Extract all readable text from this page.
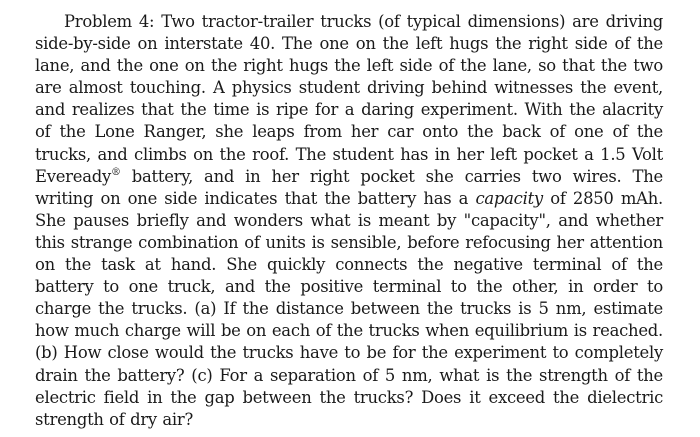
Problem 4: Two tractor-trailer trucks (of typical dimensions) are driving side-by-side on interstate 40. The one on the left hugs the right side of the lane, and the one on the right hugs the left side of the lane, so that the two are almost touching. A physics student driving behind witnesses the event, and realizes that the time is ripe for a daring experiment. With the alacrity of the Lone Ranger, she leaps from her car onto the back of one of the trucks, and climbs on the roof. The student has in her left pocket a 1.5 Volt Eveready® battery, and in her right pocket she carries two wires. The writing on one side indicates that the battery has a capacity of 2850 mAh. She pauses briefly and wonders what is meant by "capacity", and whether this strange combination of units is sensible, before refocusing her attention on the task at hand. She quickly connects the negative terminal of the battery to one truck, and the positive terminal to the other, in order to charge the trucks. (a) If the distance between the trucks is 5 nm, estimate how much charge will be on each of the trucks when equilibrium is reached. (b) How close would the trucks have to be for the experiment to completely drain the battery? (c) For a separation of 5 nm, what is the strength of the electric field in the gap between the trucks? Does it exceed the dielectric strength of dry air?
